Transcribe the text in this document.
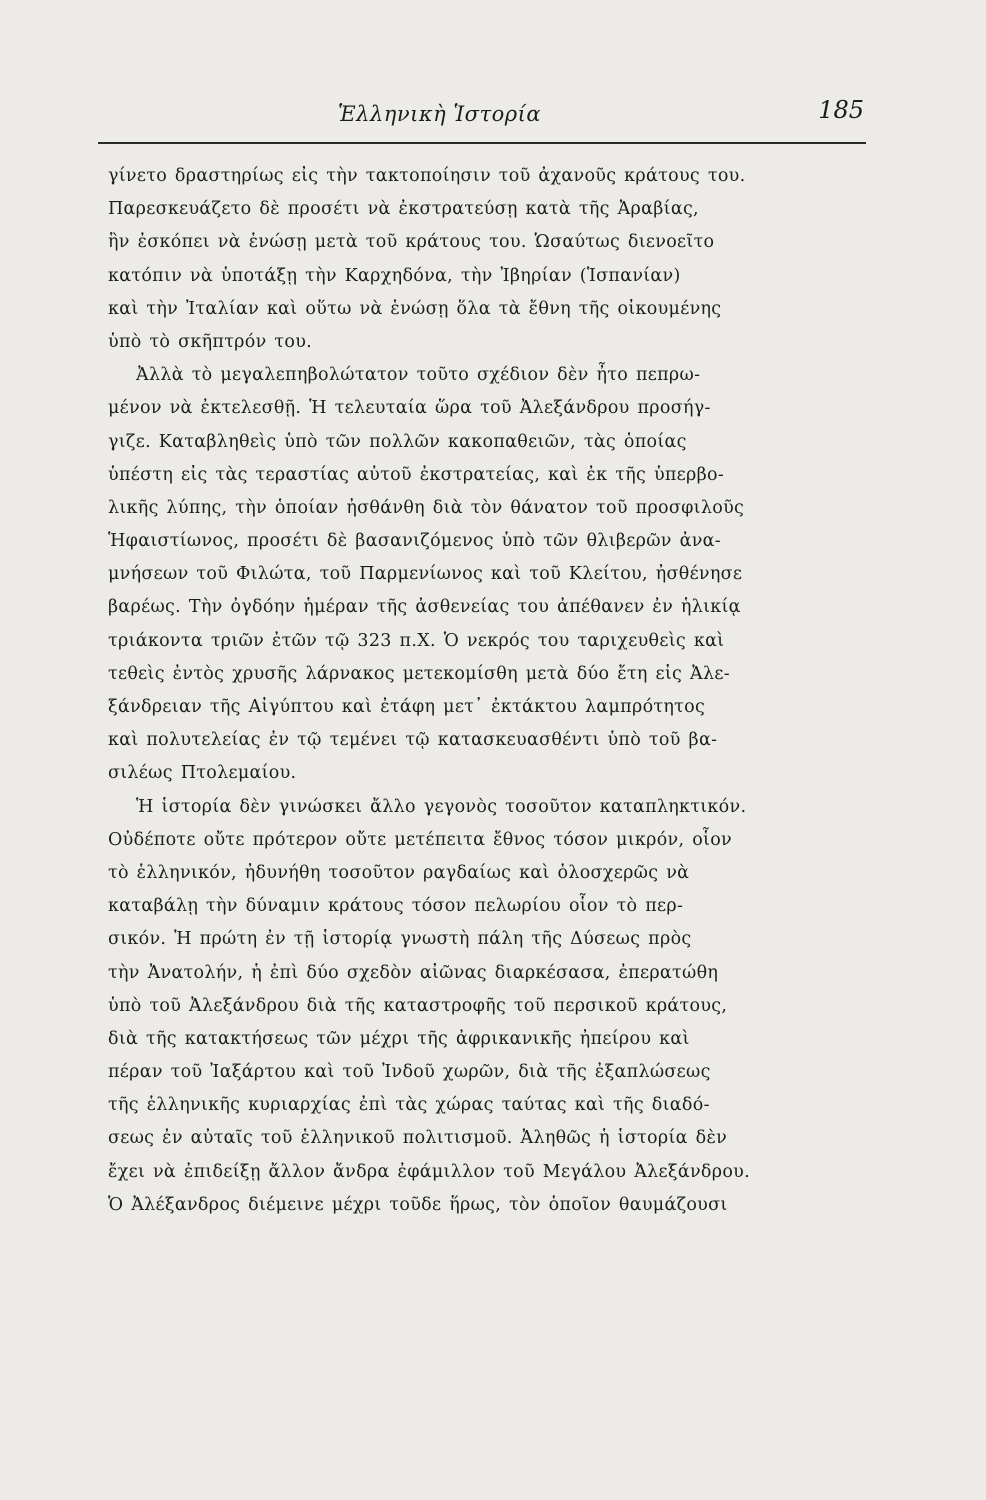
Ἑλληνικὴ Ἱστορία	185
γίνετο δραστηρίως εἰς τὴν τακτοποίησιν τοῦ ἀχανοῦς κράτους του.
Παρεσκευάζετο δὲ προσέτι νὰ ἐκστρατεύσῃ κατὰ τῆς Ἀραβίας,
ἣν ἐσκόπει νὰ ἑνώσῃ μετὰ τοῦ κράτους του. Ὡσαύτως διενοεῖτο
κατόπιν νὰ ὑποτάξῃ τὴν Καρχηδόνα, τὴν Ἰβηρίαν (Ἱσπανίαν)
καὶ τὴν Ἰταλίαν καὶ οὕτω νὰ ἑνώσῃ ὅλα τὰ ἔθνη τῆς οἰκουμένης
ὑπὸ τὸ σκῆπτρόν του.
Ἀλλὰ τὸ μεγαλεπηβολώτατον τοῦτο σχέδιον δὲν ἦτο πεπρω-
μένον νὰ ἐκτελεσθῇ. Ἡ τελευταία ὥρα τοῦ Ἀλεξάνδρου προσήγ-
γιζε. Καταβληθεὶς ὑπὸ τῶν πολλῶν κακοπαθειῶν, τὰς ὁποίας
ὑπέστη εἰς τὰς τεραστίας αὐτοῦ ἐκστρατείας, καὶ ἐκ τῆς ὑπερβο-
λικῆς λύπης, τὴν ὁποίαν ἠσθάνθη διὰ τὸν θάνατον τοῦ προσφιλοῦς
Ἡφαιστίωνος, προσέτι δὲ βασανιζόμενος ὑπὸ τῶν θλιβερῶν ἀνα-
μνήσεων τοῦ Φιλώτα, τοῦ Παρμενίωνος καὶ τοῦ Κλείτου, ἠσθένησε
βαρέως. Τὴν ὀγδόην ἡμέραν τῆς ἀσθενείας του ἀπέθανεν ἐν ἡλικίᾳ
τριάκοντα τριῶν ἐτῶν τῷ 323 π.Χ. Ὁ νεκρός του ταριχευθεὶς καὶ
τεθεὶς ἐντὸς χρυσῆς λάρνακος μετεκομίσθη μετὰ δύο ἔτη εἰς Ἀλε-
ξάνδρειαν τῆς Αἰγύπτου καὶ ἐτάφη μετ᾽ ἐκτάκτου λαμπρότητος
καὶ πολυτελείας ἐν τῷ τεμένει τῷ κατασκευασθέντι ὑπὸ τοῦ βα-
σιλέως Πτολεμαίου.
Ἡ ἱστορία δὲν γινώσκει ἄλλο γεγονὸς τοσοῦτον καταπληκτικόν.
Οὐδέποτε οὔτε πρότερον οὔτε μετέπειτα ἔθνος τόσον μικρόν, οἷον
τὸ ἑλληνικόν, ἠδυνήθη τοσοῦτον ραγδαίως καὶ ὁλοσχερῶς νὰ
καταβάλῃ τὴν δύναμιν κράτους τόσον πελωρίου οἷον τὸ περ-
σικόν. Ἡ πρώτη ἐν τῇ ἱστορίᾳ γνωστὴ πάλη τῆς Δύσεως πρὸς
τὴν Ἀνατολήν, ἡ ἐπὶ δύο σχεδὸν αἰῶνας διαρκέσασα, ἐπερατώθη
ὑπὸ τοῦ Ἀλεξάνδρου διὰ τῆς καταστροφῆς τοῦ περσικοῦ κράτους,
διὰ τῆς κατακτήσεως τῶν μέχρι τῆς ἀφρικανικῆς ἠπείρου καὶ
πέραν τοῦ Ἰαξάρτου καὶ τοῦ Ἰνδοῦ χωρῶν, διὰ τῆς ἐξαπλώσεως
τῆς ἑλληνικῆς κυριαρχίας ἐπὶ τὰς χώρας ταύτας καὶ τῆς διαδό-
σεως ἐν αὐταῖς τοῦ ἑλληνικοῦ πολιτισμοῦ. Ἀληθῶς ἡ ἱστορία δὲν
ἔχει νὰ ἐπιδείξῃ ἄλλον ἄνδρα ἐφάμιλλον τοῦ Μεγάλου Ἀλεξάνδρου.
Ὁ Ἀλέξανδρος διέμεινε μέχρι τοῦδε ἥρως, τὸν ὁποῖον θαυμάζουσι
